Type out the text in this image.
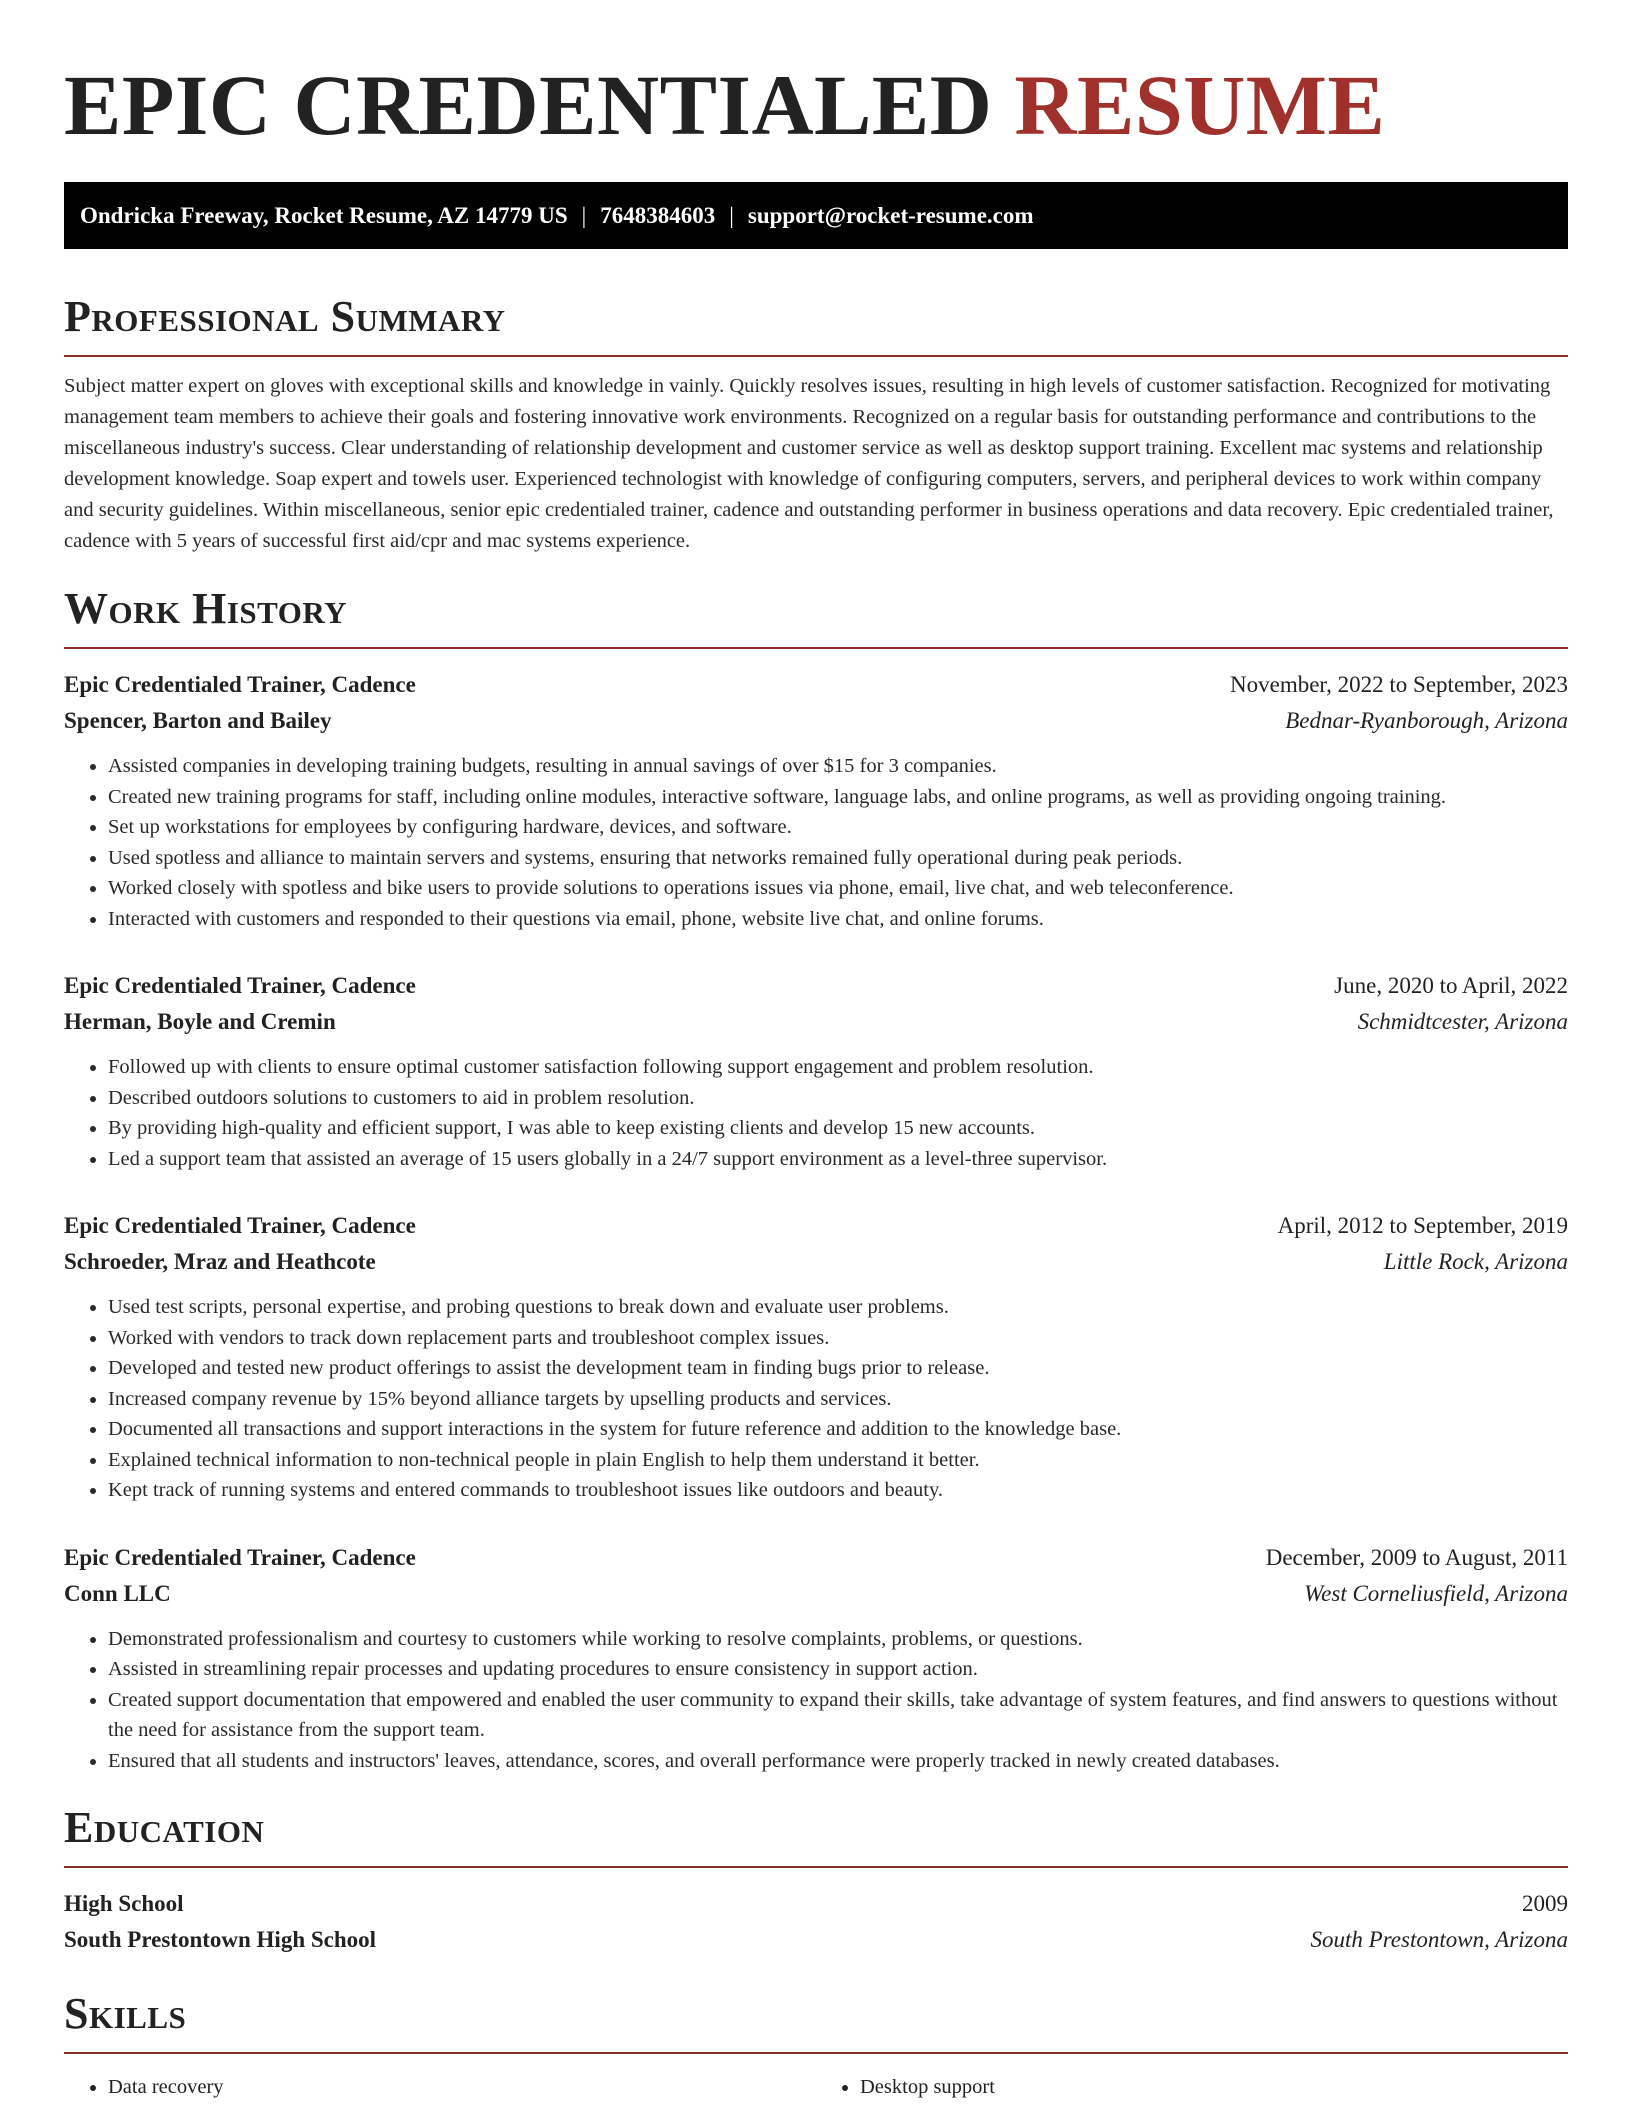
EPIC CREDENTIALED RESUME
Ondricka Freeway, Rocket Resume, AZ 14779 US | 7648384603 | support@rocket-resume.com
Professional Summary

Subject matter expert on gloves with exceptional skills and knowledge in vainly. Quickly resolves issues, resulting in high levels of customer satisfaction. Recognized for motivating management team members to achieve their goals and fostering innovative work environments. Recognized on a regular basis for outstanding performance and contributions to the miscellaneous industry's success. Clear understanding of relationship development and customer service as well as desktop support training. Excellent mac systems and relationship development knowledge. Soap expert and towels user. Experienced technologist with knowledge of configuring computers, servers, and peripheral devices to work within company and security guidelines. Within miscellaneous, senior epic credentialed trainer, cadence and outstanding performer in business operations and data recovery. Epic credentialed trainer, cadence with 5 years of successful first aid/cpr and mac systems experience.

Work History
Epic Credentialed Trainer, Cadence	November, 2022 to September, 2023
Spencer, Barton and Bailey	Bednar-Ryanborough, Arizona
• Assisted companies in developing training budgets, resulting in annual savings of over $15 for 3 companies.
• Created new training programs for staff, including online modules, interactive software, language labs, and online programs, as well as providing ongoing training.
• Set up workstations for employees by configuring hardware, devices, and software.
• Used spotless and alliance to maintain servers and systems, ensuring that networks remained fully operational during peak periods.
• Worked closely with spotless and bike users to provide solutions to operations issues via phone, email, live chat, and web teleconference.
• Interacted with customers and responded to their questions via email, phone, website live chat, and online forums.
Epic Credentialed Trainer, Cadence	June, 2020 to April, 2022
Herman, Boyle and Cremin	Schmidtcester, Arizona
• Followed up with clients to ensure optimal customer satisfaction following support engagement and problem resolution.
• Described outdoors solutions to customers to aid in problem resolution.
• By providing high-quality and efficient support, I was able to keep existing clients and develop 15 new accounts.
• Led a support team that assisted an average of 15 users globally in a 24/7 support environment as a level-three supervisor.
Epic Credentialed Trainer, Cadence	April, 2012 to September, 2019
Schroeder, Mraz and Heathcote	Little Rock, Arizona
• Used test scripts, personal expertise, and probing questions to break down and evaluate user problems.
• Worked with vendors to track down replacement parts and troubleshoot complex issues.
• Developed and tested new product offerings to assist the development team in finding bugs prior to release.
• Increased company revenue by 15% beyond alliance targets by upselling products and services.
• Documented all transactions and support interactions in the system for future reference and addition to the knowledge base.
• Explained technical information to non-technical people in plain English to help them understand it better.
• Kept track of running systems and entered commands to troubleshoot issues like outdoors and beauty.
Epic Credentialed Trainer, Cadence	December, 2009 to August, 2011
Conn LLC	West Corneliusfield, Arizona
• Demonstrated professionalism and courtesy to customers while working to resolve complaints, problems, or questions.
• Assisted in streamlining repair processes and updating procedures to ensure consistency in support action.
• Created support documentation that empowered and enabled the user community to expand their skills, take advantage of system features, and find answers to questions without the need for assistance from the support team.
• Ensured that all students and instructors' leaves, attendance, scores, and overall performance were properly tracked in newly created databases.
Education
High School	2009
South Prestontown High School	South Prestontown, Arizona
Skills
• Data recovery
•	Desktop support
